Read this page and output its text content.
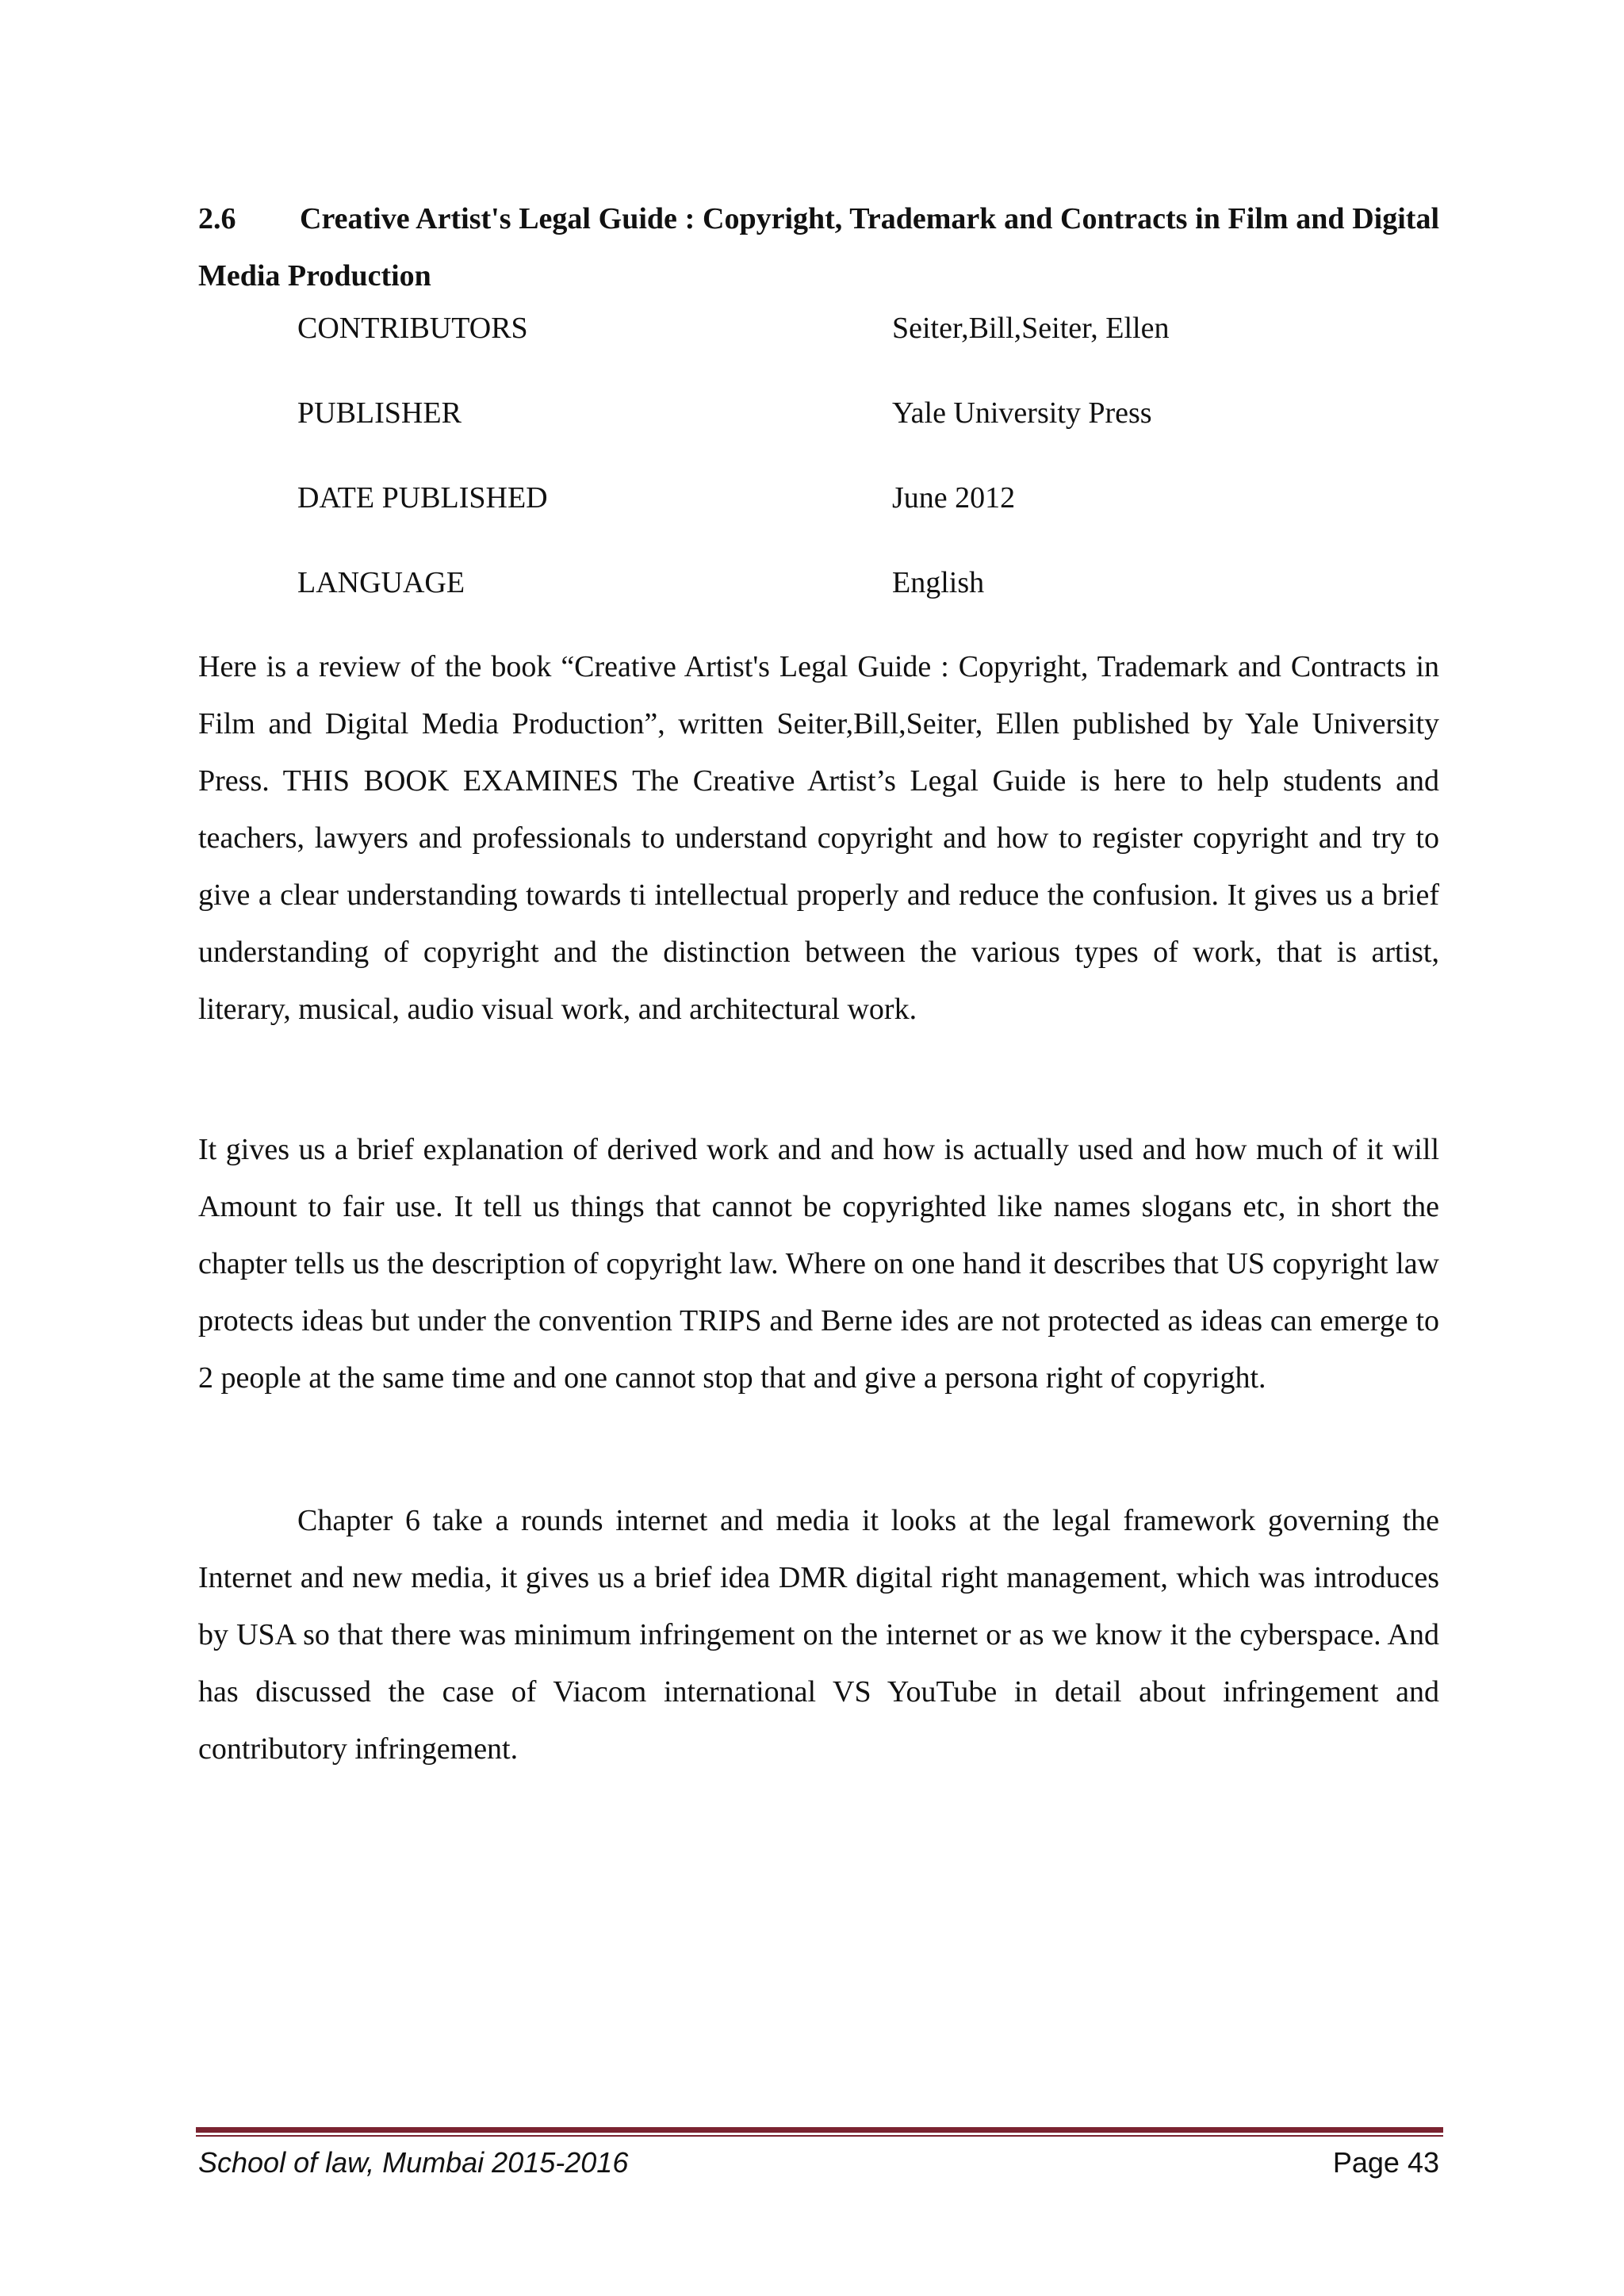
2.6 Creative Artist's Legal Guide : Copyright, Trademark and Contracts in Film and Digital Media Production
CONTRIBUTORS	Seiter,Bill,Seiter, Ellen
PUBLISHER	Yale University Press
DATE PUBLISHED	June 2012
LANGUAGE	English

Here is a review of the book “Creative Artist's Legal Guide : Copyright, Trademark and Contracts in Film and Digital Media Production”, written Seiter,Bill,Seiter, Ellen published by Yale University Press. THIS BOOK EXAMINES The Creative Artist’s Legal Guide is here to help students and teachers, lawyers and professionals to understand copyright and how to register copyright and try to give a clear understanding towards ti intellectual properly and reduce the confusion. It gives us a brief understanding of copyright and the distinction between the various types of work, that is artist, literary, musical, audio visual work, and architectural work.

It gives us a brief explanation of derived work and and how is actually used and how much of it will Amount to fair use. It tell us things that cannot be copyrighted like names slogans etc, in short the chapter tells us the description of copyright law. Where on one hand it describes that US copyright law protects ideas but under the convention TRIPS and Berne ides are not protected as ideas can emerge to 2 people at the same time and one cannot stop that and give a persona right of copyright.

Chapter 6 take a rounds internet and media it looks at the legal framework governing the Internet and new media, it gives us a brief idea DMR digital right management, which was introduces by USA so that there was minimum infringement on the internet or as we know it the cyberspace. And has discussed the case of Viacom international VS YouTube in detail about infringement and contributory infringement.

School of law, Mumbai 2015-2016	Page 43
